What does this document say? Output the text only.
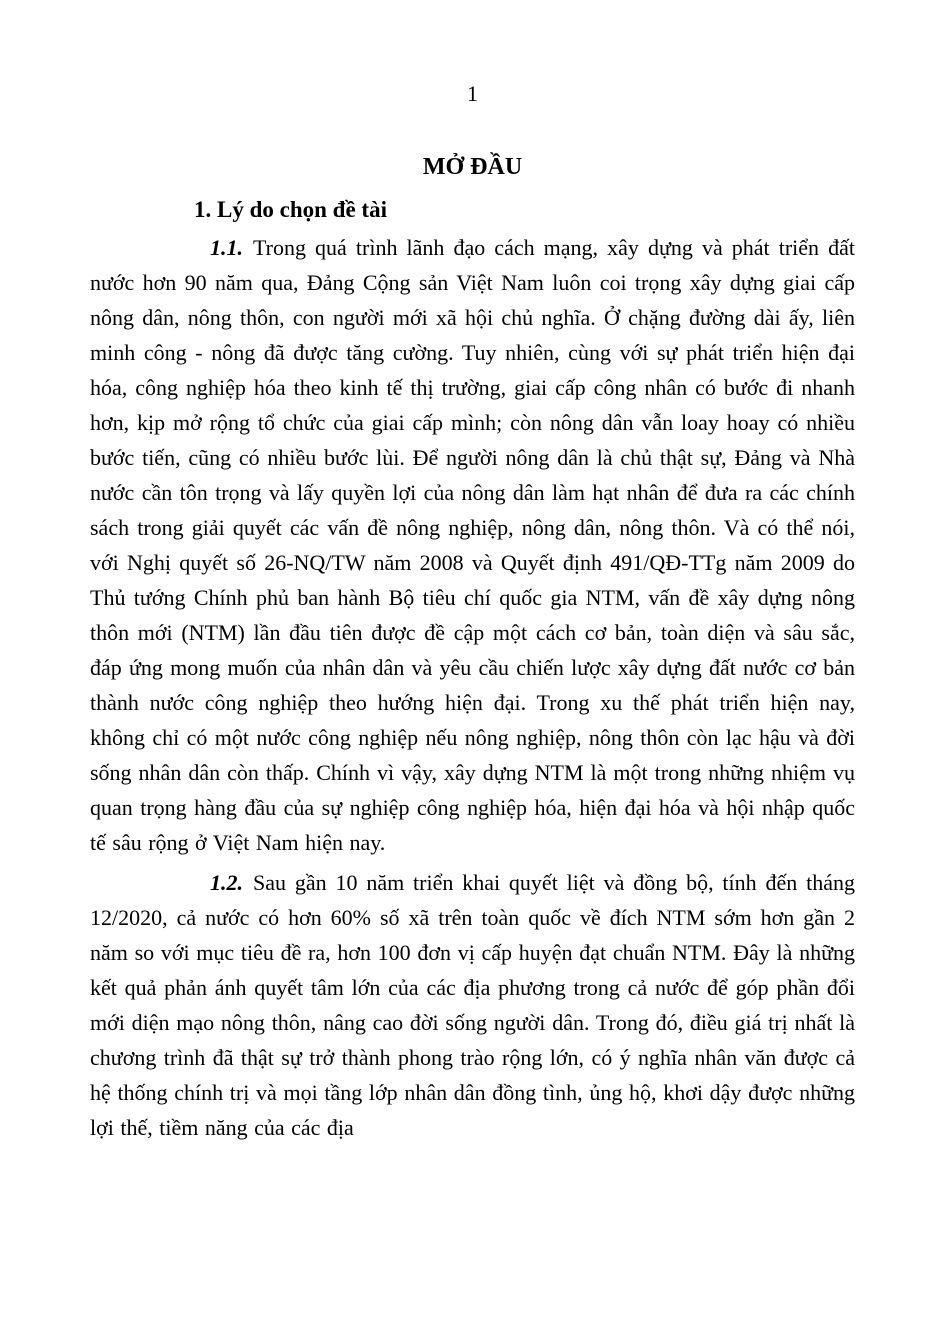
1
MỞ ĐẦU
1. Lý do chọn đề tài

1.1. Trong quá trình lãnh đạo cách mạng, xây dựng và phát triển đất nước hơn 90 năm qua, Đảng Cộng sản Việt Nam luôn coi trọng xây dựng giai cấp nông dân, nông thôn, con người mới xã hội chủ nghĩa. Ở chặng đường dài ấy, liên minh công - nông đã được tăng cường. Tuy nhiên, cùng với sự phát triển hiện đại hóa, công nghiệp hóa theo kinh tế thị trường, giai cấp công nhân có bước đi nhanh hơn, kịp mở rộng tổ chức của giai cấp mình; còn nông dân vẫn loay hoay có nhiều bước tiến, cũng có nhiều bước lùi. Để người nông dân là chủ thật sự, Đảng và Nhà nước cần tôn trọng và lấy quyền lợi của nông dân làm hạt nhân để đưa ra các chính sách trong giải quyết các vấn đề nông nghiệp, nông dân, nông thôn. Và có thể nói, với Nghị quyết số 26-NQ/TW năm 2008 và Quyết định 491/QĐ-TTg năm 2009 do Thủ tướng Chính phủ ban hành Bộ tiêu chí quốc gia NTM, vấn đề xây dựng nông thôn mới (NTM) lần đầu tiên được đề cập một cách cơ bản, toàn diện và sâu sắc, đáp ứng mong muốn của nhân dân và yêu cầu chiến lược xây dựng đất nước cơ bản thành nước công nghiệp theo hướng hiện đại. Trong xu thế phát triển hiện nay, không chỉ có một nước công nghiệp nếu nông nghiệp, nông thôn còn lạc hậu và đời sống nhân dân còn thấp. Chính vì vậy, xây dựng NTM là một trong những nhiệm vụ quan trọng hàng đầu của sự nghiệp công nghiệp hóa, hiện đại hóa và hội nhập quốc tế sâu rộng ở Việt Nam hiện nay.

1.2. Sau gần 10 năm triển khai quyết liệt và đồng bộ, tính đến tháng 12/2020, cả nước có hơn 60% số xã trên toàn quốc về đích NTM sớm hơn gần 2 năm so với mục tiêu đề ra, hơn 100 đơn vị cấp huyện đạt chuẩn NTM. Đây là những kết quả phản ánh quyết tâm lớn của các địa phương trong cả nước để góp phần đổi mới diện mạo nông thôn, nâng cao đời sống người dân. Trong đó, điều giá trị nhất là chương trình đã thật sự trở thành phong trào rộng lớn, có ý nghĩa nhân văn được cả hệ thống chính trị và mọi tầng lớp nhân dân đồng tình, ủng hộ, khơi dậy được những lợi thế, tiềm năng của các địa
